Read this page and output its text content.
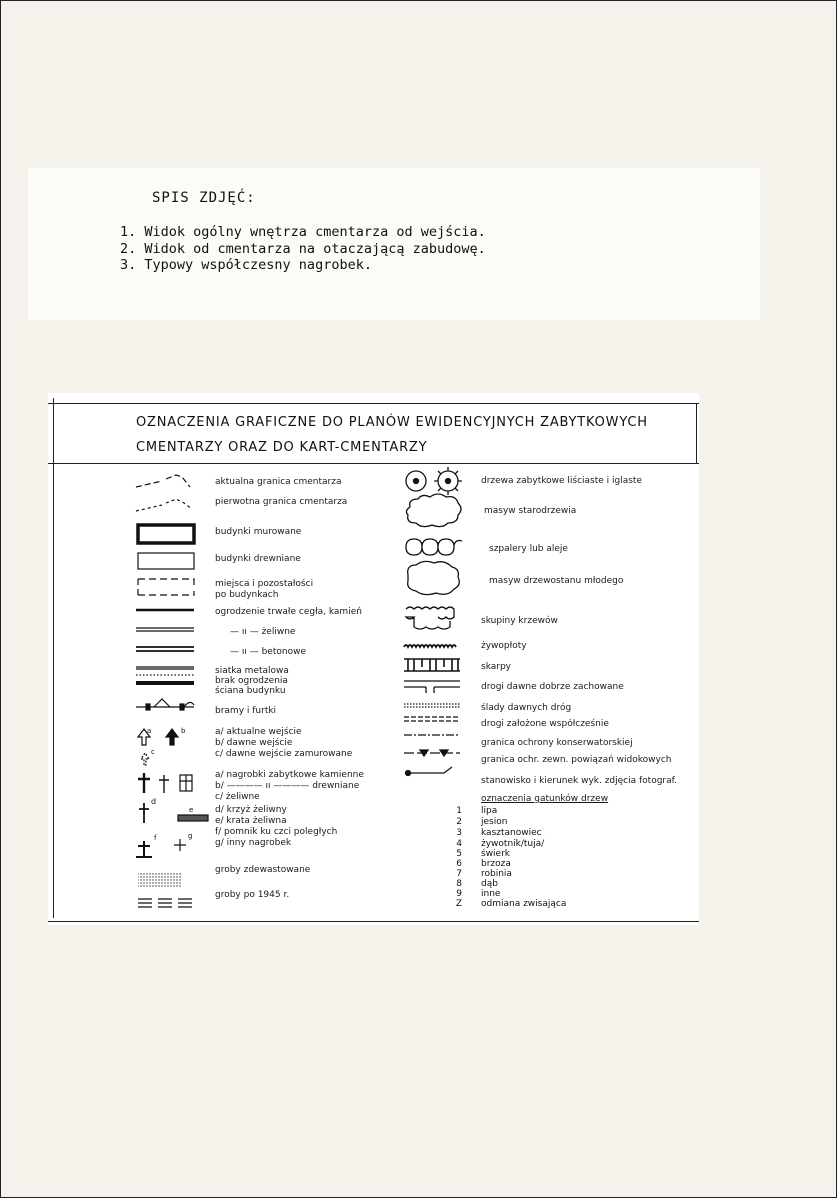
SPIS ZDJĘĆ:
1. Widok ogólny wnętrza cmentarza od wejścia.
2. Widok od cmentarza na otaczającą zabudowę.
3. Typowy współczesny nagrobek.
OZNACZENIA GRAFICZNE DO PLANÓW EWIDENCYJNYCH ZABYTKOWYCH
CMENTARZY ORAZ DO KART-CMENTARZY
a	b
c
d
e
f	g
aktualna granica cmentarza
pierwotna granica cmentarza
budynki murowane
budynki drewniane
miejsca i pozostałości
po budynkach
ogrodzenie trwałe cegła, kamień
— ıı — żeliwne
— ıı — betonowe
siatka metalowa
brak ogrodzenia
ściana budynku
bramy i furtki
a/ aktualne wejście
b/ dawne wejście
c/ dawne wejście zamurowane
a/ nagrobki zabytkowe kamienne
b/ ———— ıı ———— drewniane
c/ żeliwne
d/ krzyż żeliwny
e/ krata żeliwna
f/ pomnik ku czci poległych
g/ inny nagrobek
groby zdewastowane
groby po 1945 r.
drzewa zabytkowe liściaste i iglaste
masyw starodrzewia
szpalery lub aleje
masyw drzewostanu młodego
skupiny krzewów
żywopłoty
skarpy
drogi dawne dobrze zachowane
ślady dawnych dróg
drogi założone współcześnie
granica ochrony konserwatorskiej
granica ochr. zewn. powiązań widokowych
stanowisko i kierunek wyk. zdjęcia fotograf.
oznaczenia gatunków drzew
1 lipa
2 jesion
3 kasztanowiec
4 żywotnik/tuja/
5 świerk
6 brzoza
7 robinia
8 dąb
9 inne
Z odmiana zwisająca
